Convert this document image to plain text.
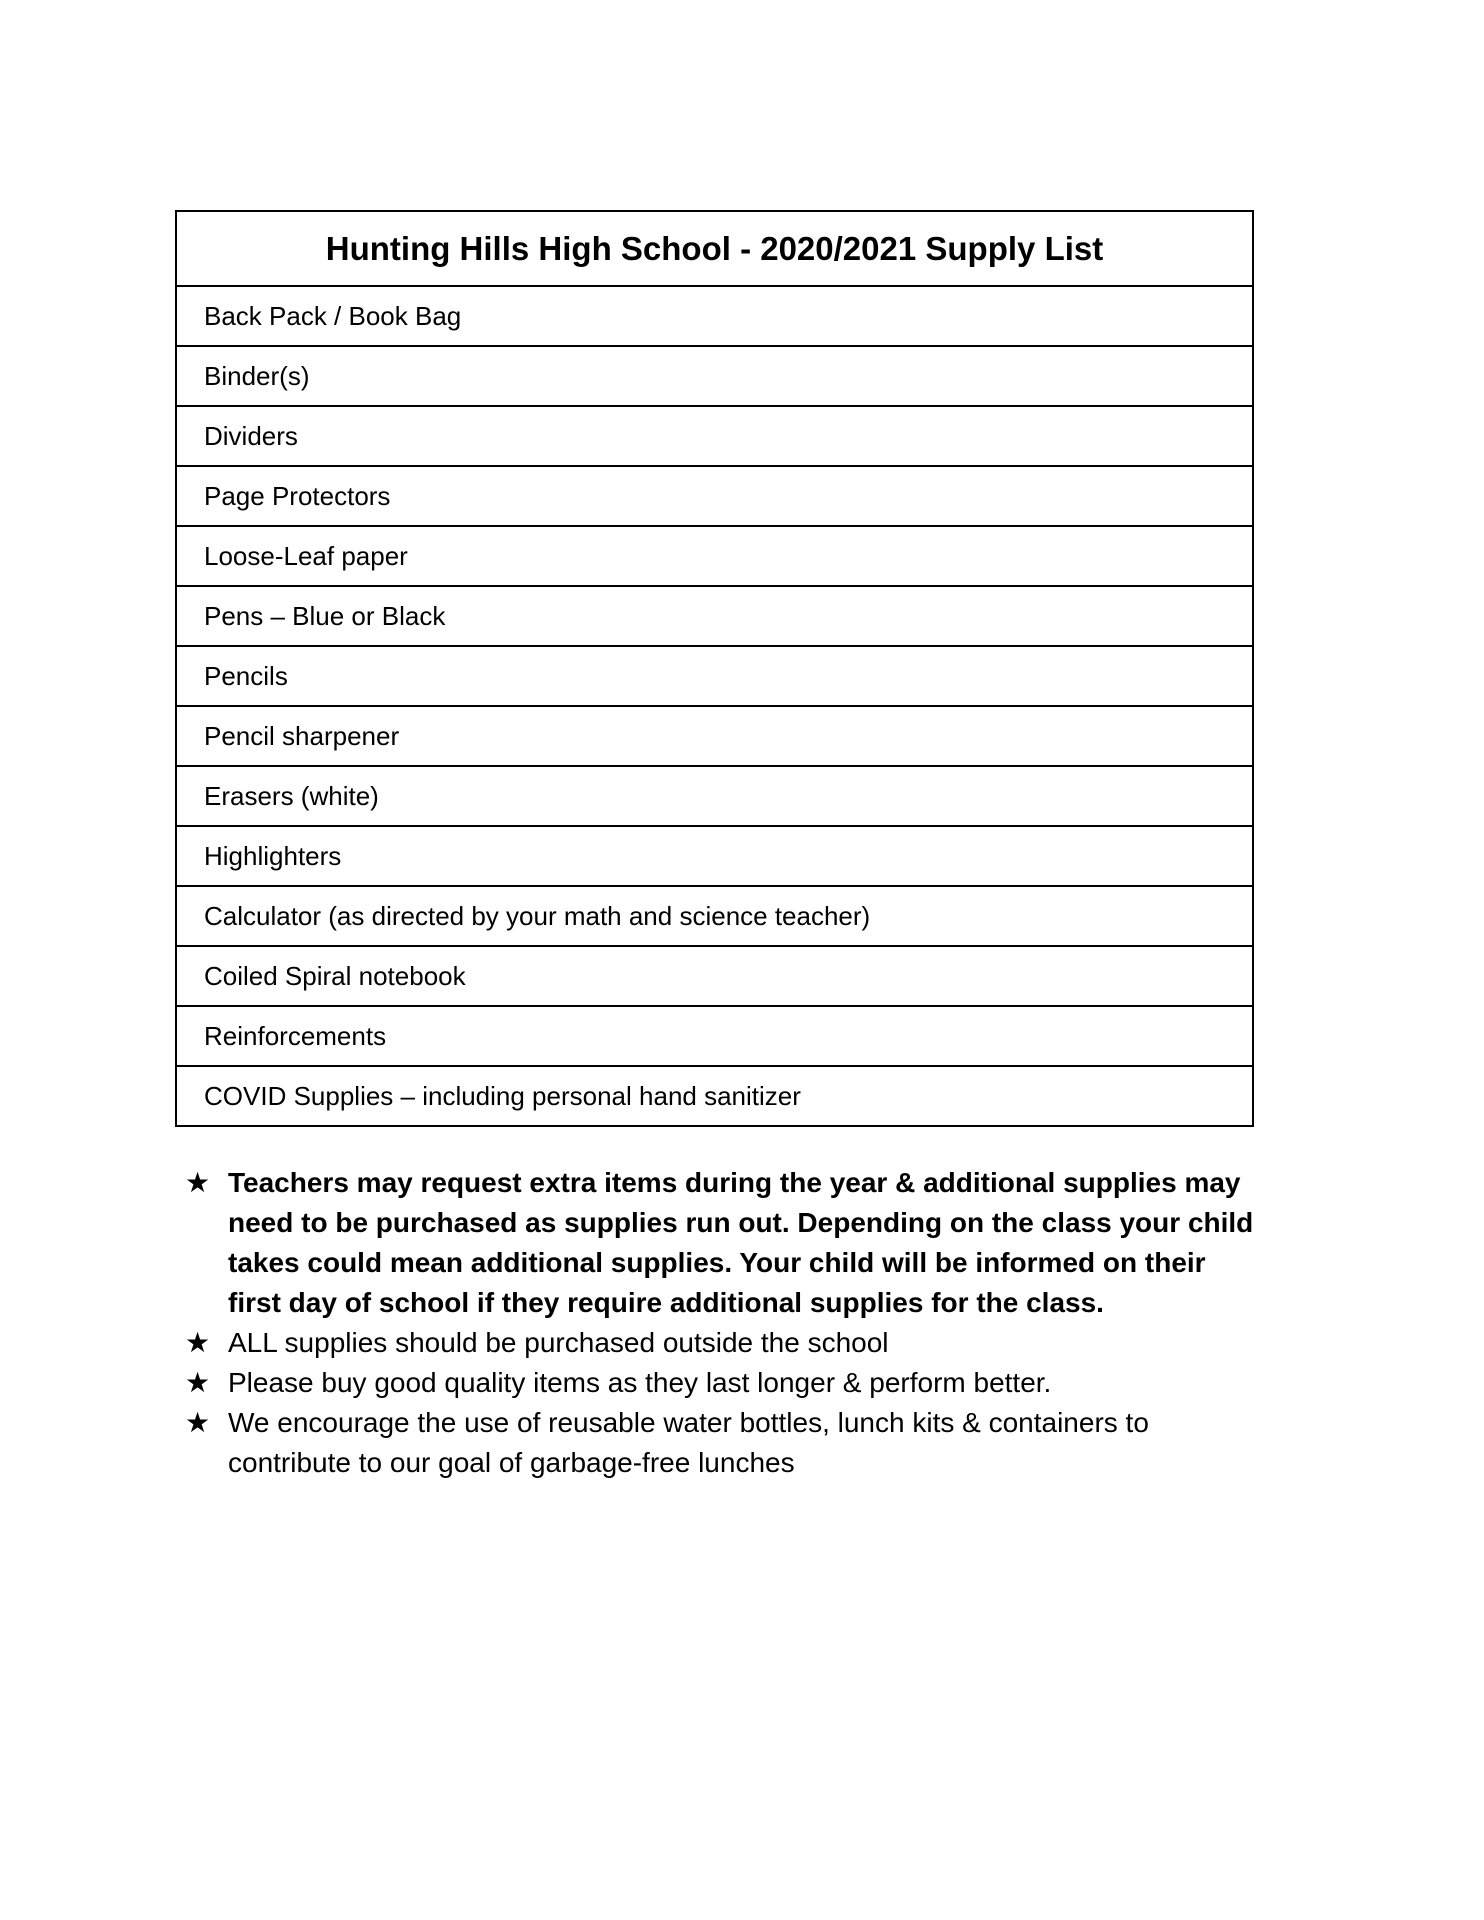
Hunting Hills High School - 2020/2021 Supply List
Back Pack / Book Bag
Binder(s)
Dividers
Page Protectors
Loose-Leaf paper
Pens – Blue or Black
Pencils
Pencil sharpener
Erasers (white)
Highlighters
Calculator (as directed by your math and science teacher)
Coiled Spiral notebook
Reinforcements
COVID Supplies – including personal hand sanitizer
★ Teachers may request extra items during the year & additional supplies may need to be purchased as supplies run out. Depending on the class your child takes could mean additional supplies. Your child will be informed on their first day of school if they require additional supplies for the class.
★ ALL supplies should be purchased outside the school
★ Please buy good quality items as they last longer & perform better.
★ We encourage the use of reusable water bottles, lunch kits & containers to contribute to our goal of garbage-free lunches
